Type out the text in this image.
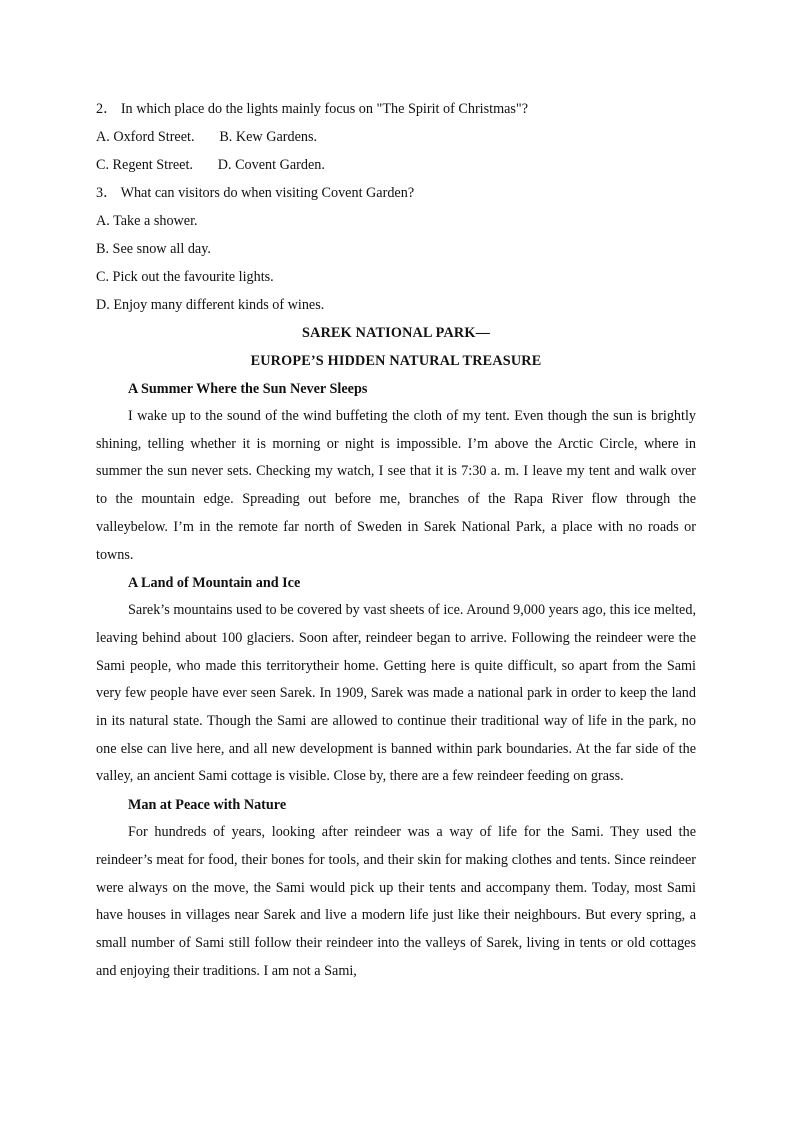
2． In which place do the lights mainly focus on "The Spirit of Christmas"?
A. Oxford Street.       B. Kew Gardens.
C. Regent Street.       D. Covent Garden.
3． What can visitors do when visiting Covent Garden?
A. Take a shower.
B. See snow all day.
C. Pick out the favourite lights.
D. Enjoy many different kinds of wines.
SAREK NATIONAL PARK—
EUROPE’S HIDDEN NATURAL TREASURE
A Summer Where the Sun Never Sleeps

I wake up to the sound of the wind buffeting the cloth of my tent. Even though the sun is brightly shining, telling whether it is morning or night is impossible. I’m above the Arctic Circle, where in summer the sun never sets. Checking my watch, I see that it is 7:30 a. m. I leave my tent and walk over to the mountain edge. Spreading out before me, branches of the Rapa River flow through the valleybelow. I’m in the remote far north of Sweden in Sarek National Park, a place with no roads or towns.

A Land of Mountain and Ice

Sarek’s mountains used to be covered by vast sheets of ice. Around 9,000 years ago, this ice melted, leaving behind about 100 glaciers. Soon after, reindeer began to arrive. Following the reindeer were the Sami people, who made this territorytheir home. Getting here is quite difficult, so apart from the Sami very few people have ever seen Sarek. In 1909, Sarek was made a national park in order to keep the land in its natural state. Though the Sami are allowed to continue their traditional way of life in the park, no one else can live here, and all new development is banned within park boundaries. At the far side of the valley, an ancient Sami cottage is visible. Close by, there are a few reindeer feeding on grass.

Man at Peace with Nature

For hundreds of years, looking after reindeer was a way of life for the Sami. They used the reindeer’s meat for food, their bones for tools, and their skin for making clothes and tents. Since reindeer were always on the move, the Sami would pick up their tents and accompany them. Today, most Sami have houses in villages near Sarek and live a modern life just like their neighbours. But every spring, a small number of Sami still follow their reindeer into the valleys of Sarek, living in tents or old cottages and enjoying their traditions. I am not a Sami,
